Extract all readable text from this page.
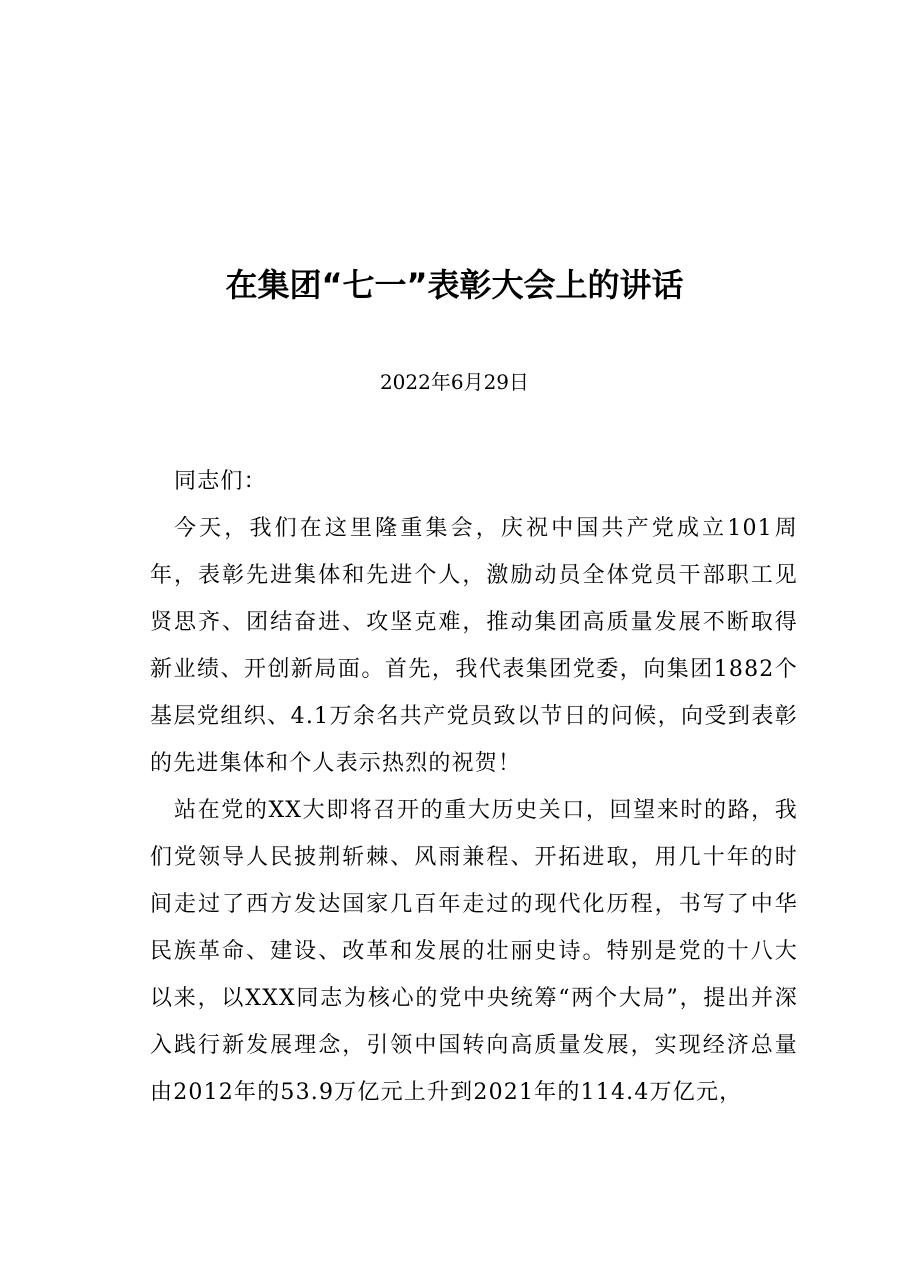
在集团“七一”表彰大会上的讲话
2022年6月29日

同志们：

今天，我们在这里隆重集会，庆祝中国共产党成立101周年，表彰先进集体和先进个人，激励动员全体党员干部职工见贤思齐、团结奋进、攻坚克难，推动集团高质量发展不断取得新业绩、开创新局面。首先，我代表集团党委，向集团1882个基层党组织、4.1万余名共产党员致以节日的问候，向受到表彰的先进集体和个人表示热烈的祝贺！

站在党的XX大即将召开的重大历史关口，回望来时的路，我们党领导人民披荆斩棘、风雨兼程、开拓进取，用几十年的时间走过了西方发达国家几百年走过的现代化历程，书写了中华民族革命、建设、改革和发展的壮丽史诗。特别是党的十八大以来，以XXX同志为核心的党中央统筹“两个大局”，提出并深入践行新发展理念，引领中国转向高质量发展，实现经济总量由2012年的53.9万亿元上升到2021年的114.4万亿元，
